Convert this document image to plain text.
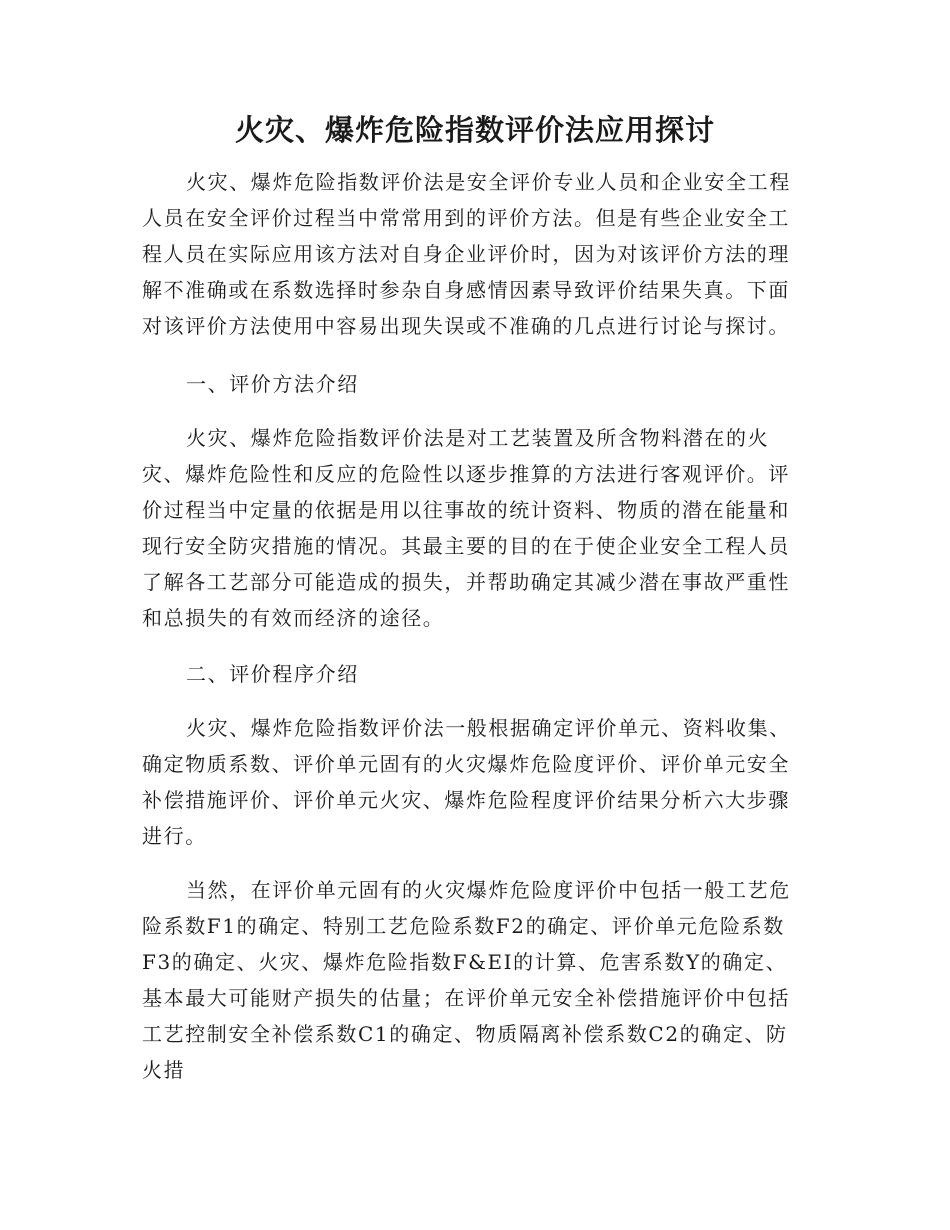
火灾、爆炸危险指数评价法应用探讨

火灾、爆炸危险指数评价法是安全评价专业人员和企业安全工程人员在安全评价过程当中常常用到的评价方法。但是有些企业安全工程人员在实际应用该方法对自身企业评价时，因为对该评价方法的理解不准确或在系数选择时参杂自身感情因素导致评价结果失真。下面对该评价方法使用中容易出现失误或不准确的几点进行讨论与探讨。

一、评价方法介绍

火灾、爆炸危险指数评价法是对工艺装置及所含物料潜在的火灾、爆炸危险性和反应的危险性以逐步推算的方法进行客观评价。评价过程当中定量的依据是用以往事故的统计资料、物质的潜在能量和现行安全防灾措施的情况。其最主要的目的在于使企业安全工程人员了解各工艺部分可能造成的损失，并帮助确定其减少潜在事故严重性和总损失的有效而经济的途径。

二、评价程序介绍

火灾、爆炸危险指数评价法一般根据确定评价单元、资料收集、确定物质系数、评价单元固有的火灾爆炸危险度评价、评价单元安全补偿措施评价、评价单元火灾、爆炸危险程度评价结果分析六大步骤进行。

当然，在评价单元固有的火灾爆炸危险度评价中包括一般工艺危险系数F1的确定、特别工艺危险系数F2的确定、评价单元危险系数F3的确定、火灾、爆炸危险指数F&EI的计算、危害系数Y的确定、基本最大可能财产损失的估量；在评价单元安全补偿措施评价中包括工艺控制安全补偿系数C1的确定、物质隔离补偿系数C2的确定、防火措
